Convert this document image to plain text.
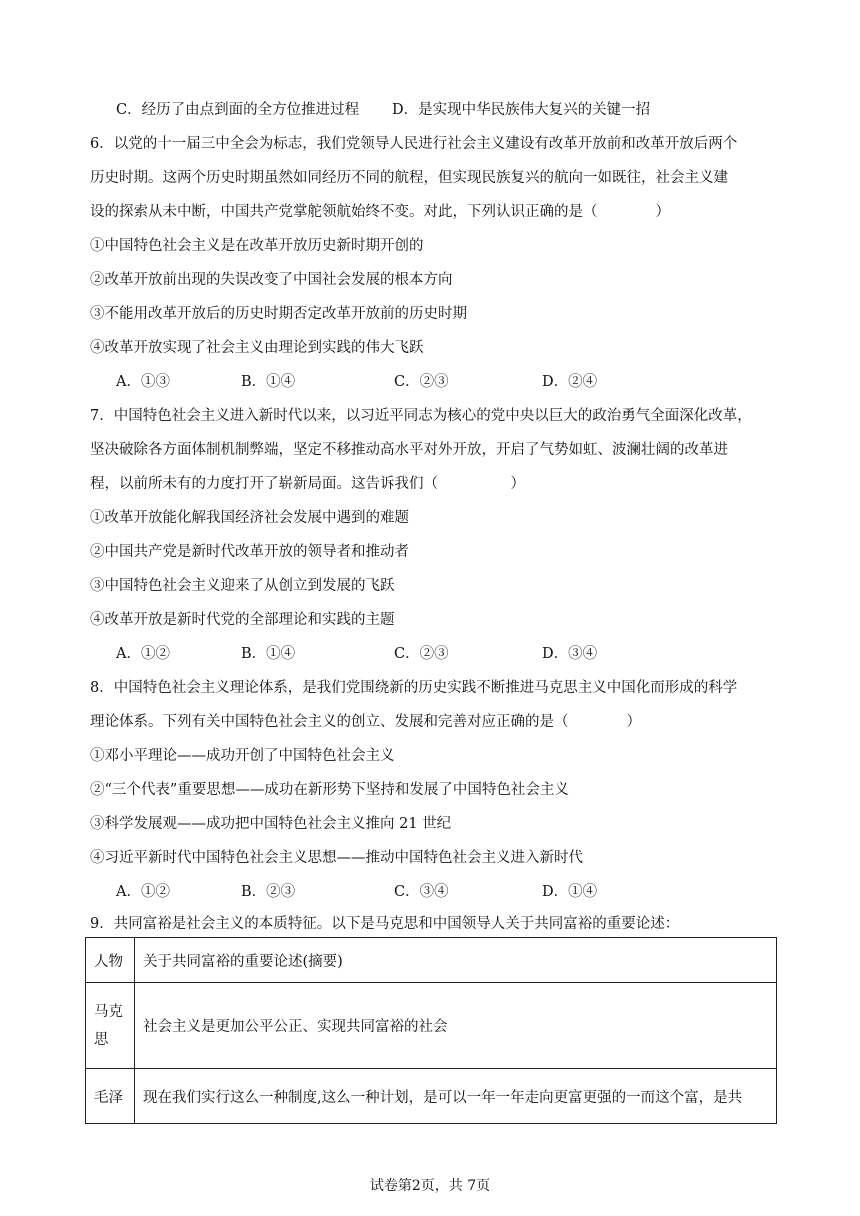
C．经历了由点到面的全方位推进过程 D．是实现中华民族伟大复兴的关键一招
6．以党的十一届三中全会为标志，我们党领导人民进行社会主义建设有改革开放前和改革开放后两个
历史时期。这两个历史时期虽然如同经历不同的航程，但实现民族复兴的航向一如既往，社会主义建
设的探索从未中断，中国共产党掌舵领航始终不变。对此，下列认识正确的是（　　　　）
①中国特色社会主义是在改革开放历史新时期开创的
②改革开放前出现的失误改变了中国社会发展的根本方向
③不能用改革开放后的历史时期否定改革开放前的历史时期
④改革开放实现了社会主义由理论到实践的伟大飞跃
A．①③	B．①④	C．②③	D．②④
7．中国特色社会主义进入新时代以来，以习近平同志为核心的党中央以巨大的政治勇气全面深化改革，
坚决破除各方面体制机制弊端，坚定不移推动高水平对外开放，开启了气势如虹、波澜壮阔的改革进
程，以前所未有的力度打开了崭新局面。这告诉我们（　　　　　）
①改革开放能化解我国经济社会发展中遇到的难题
②中国共产党是新时代改革开放的领导者和推动者
③中国特色社会主义迎来了从创立到发展的飞跃
④改革开放是新时代党的全部理论和实践的主题
A．①②	B．①④	C．②③	D．③④
8．中国特色社会主义理论体系，是我们党围绕新的历史实践不断推进马克思主义中国化而形成的科学
理论体系。下列有关中国特色社会主义的创立、发展和完善对应正确的是（　　　　）
①邓小平理论——成功开创了中国特色社会主义
②“三个代表”重要思想——成功在新形势下坚持和发展了中国特色社会主义
③科学发展观——成功把中国特色社会主义推向 21 世纪
④习近平新时代中国特色社会主义思想——推动中国特色社会主义进入新时代
A．①②	B．②③	C．③④	D．①④
9．共同富裕是社会主义的本质特征。以下是马克思和中国领导人关于共同富裕的重要论述：
人物	关于共同富裕的重要论述(摘要)
马克思	社会主义是更加公平公正、实现共同富裕的社会
毛泽	现在我们实行这么一种制度,这么一种计划，是可以一年一年走向更富更强的一而这个富，是共
试卷第2页，共 7页
